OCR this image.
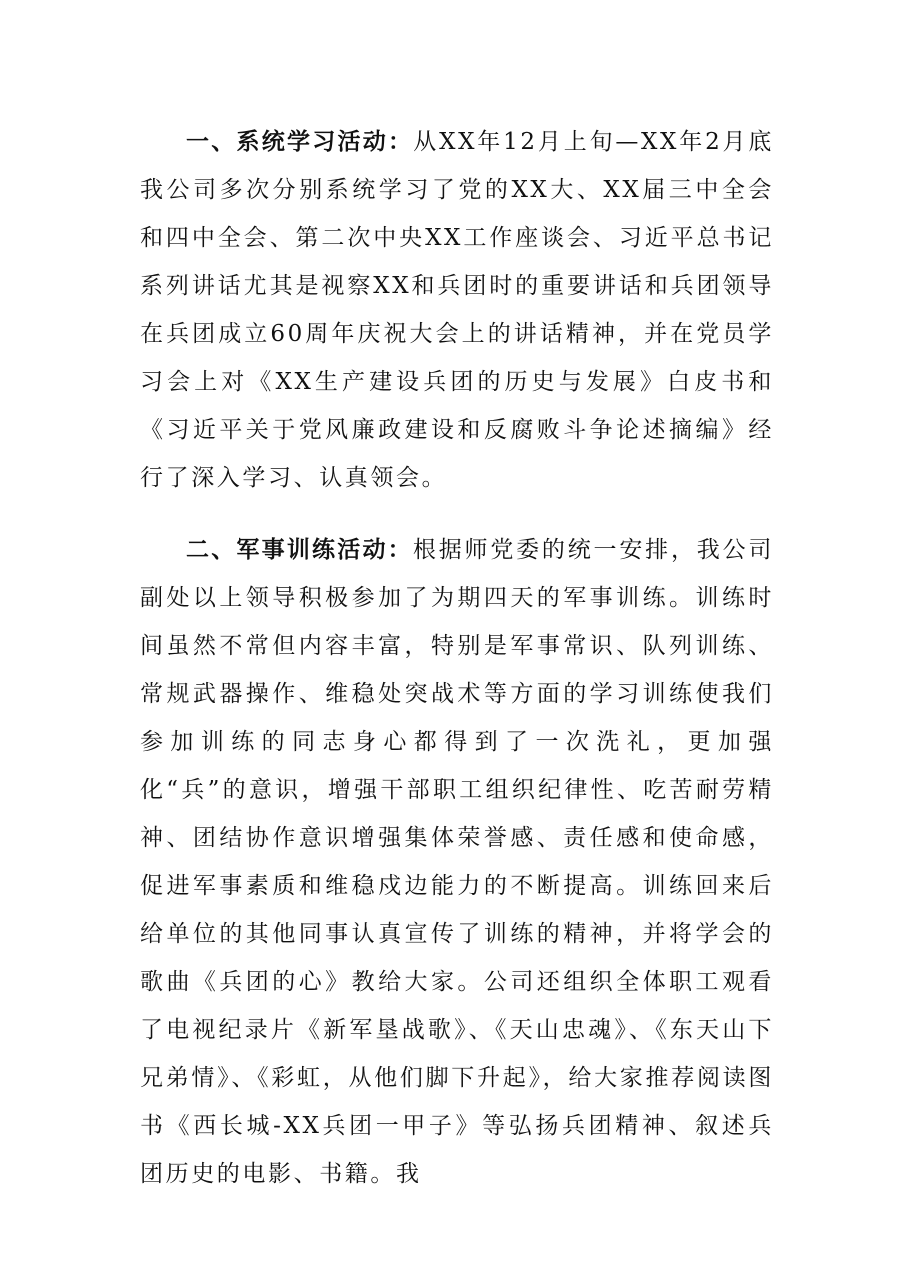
一、系统学习活动：从XX年12月上旬—XX年2月底我公司多次分别系统学习了党的XX大、XX届三中全会和四中全会、第二次中央XX工作座谈会、习近平总书记系列讲话尤其是视察XX和兵团时的重要讲话和兵团领导在兵团成立60周年庆祝大会上的讲话精神，并在党员学习会上对《XX生产建设兵团的历史与发展》白皮书和《习近平关于党风廉政建设和反腐败斗争论述摘编》经行了深入学习、认真领会。

二、军事训练活动：根据师党委的统一安排，我公司副处以上领导积极参加了为期四天的军事训练。训练时间虽然不常但内容丰富，特别是军事常识、队列训练、常规武器操作、维稳处突战术等方面的学习训练使我们参加训练的同志身心都得到了一次洗礼，更加强化“兵”的意识，增强干部职工组织纪律性、吃苦耐劳精神、团结协作意识增强集体荣誉感、责任感和使命感，促进军事素质和维稳戍边能力的不断提高。训练回来后给单位的其他同事认真宣传了训练的精神，并将学会的歌曲《兵团的心》教给大家。公司还组织全体职工观看了电视纪录片《新军垦战歌》、《天山忠魂》、《东天山下兄弟情》、《彩虹，从他们脚下升起》，给大家推荐阅读图书《西长城-XX兵团一甲子》等弘扬兵团精神、叙述兵团历史的电影、书籍。我
